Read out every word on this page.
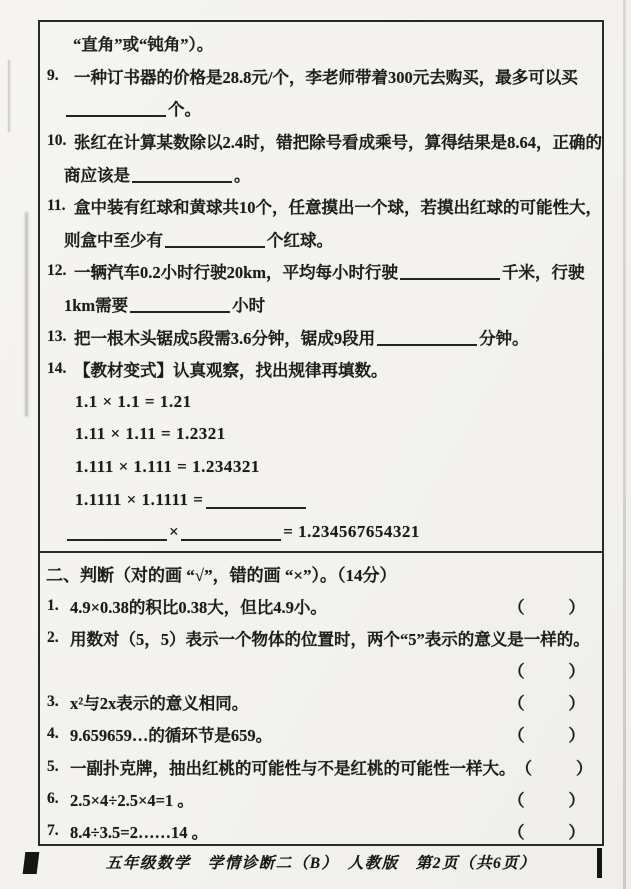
“直角”或“钝角”）。
9. 一种订书器的价格是28.8元/个，李老师带着300元去购买，最多可以买
个。
10. 张红在计算某数除以2.4时，错把除号看成乘号，算得结果是8.64，正确的
商应该是	。
11. 盒中装有红球和黄球共10个，任意摸出一个球，若摸出红球的可能性大，
则盒中至少有	个红球。
12. 一辆汽车0.2小时行驶20km，平均每小时行驶	千米，行驶
1km需要	小时
13. 把一根木头锯成5段需3.6分钟，锯成9段用	分钟。
14. 【教材变式】认真观察，找出规律再填数。
1.1 × 1.1 = 1.21
1.11 × 1.11 = 1.2321
1.111 × 1.111 = 1.234321
1.1111 × 1.1111 =
×	= 1.234567654321
二、判断（对的画 “√”，错的画 “×”）。（14分）
1. 4.9×0.38的积比0.38大，但比4.9小。	（	）
2. 用数对（5，5）表示一个物体的位置时，两个“5”表示的意义是一样的。
（	）
3. x²与2x表示的意义相同。	（	）
4. 9.659659…的循环节是659。	（	）
5. 一副扑克牌，抽出红桃的可能性与不是红桃的可能性一样大。 （	）
6. 2.5×4÷2.5×4=1 。	（	）
7. 8.4÷3.5=2……14 。	（	）
五年级数学　学情诊断二（B）　人教版　第2页（共6页）
